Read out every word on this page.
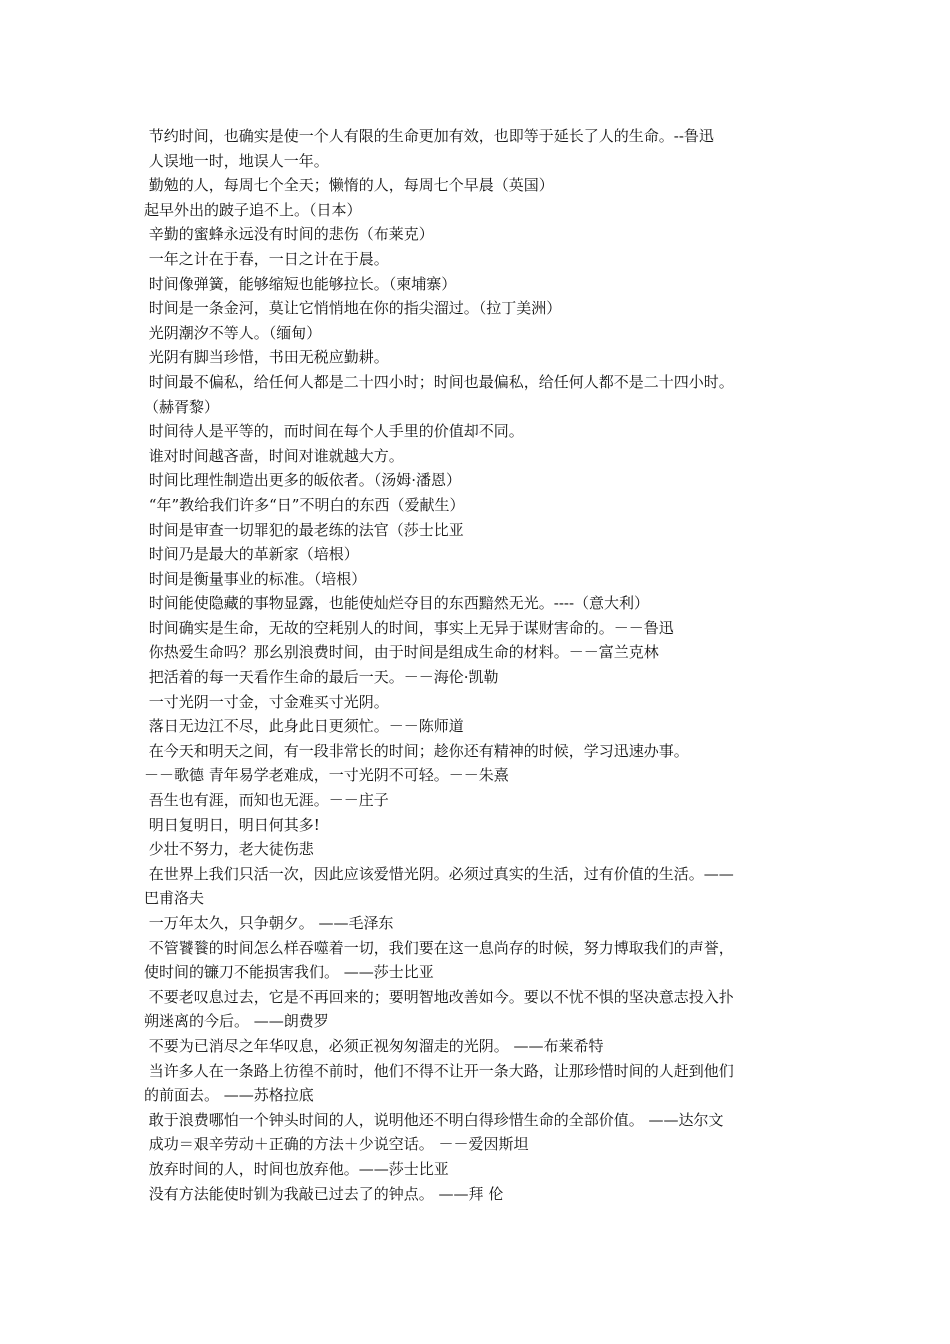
节约时间，也确实是使一个人有限的生命更加有效，也即等于延长了人的生命。--鲁迅

人误地一时，地误人一年。

勤勉的人，每周七个全天；懒惰的人，每周七个早晨（英国）

起早外出的跛子追不上。（日本）

辛勤的蜜蜂永远没有时间的悲伤（布莱克）

一年之计在于春，一日之计在于晨。

时间像弹簧，能够缩短也能够拉长。（柬埔寨）

时间是一条金河，莫让它悄悄地在你的指尖溜过。（拉丁美洲）

光阴潮汐不等人。（缅甸）

光阴有脚当珍惜，书田无税应勤耕。

时间最不偏私，给任何人都是二十四小时；时间也最偏私，给任何人都不是二十四小时。

（赫胥黎）

时间待人是平等的，而时间在每个人手里的价值却不同。

谁对时间越吝啬，时间对谁就越大方。

时间比理性制造出更多的皈依者。（汤姆·潘恩）

“年”教给我们许多“日”不明白的东西（爱献生）

时间是审查一切罪犯的最老练的法官（莎士比亚

时间乃是最大的革新家（培根）

时间是衡量事业的标准。（培根）

时间能使隐藏的事物显露，也能使灿烂夺目的东西黯然无光。----（意大利）

时间确实是生命，无故的空耗别人的时间，事实上无异于谋财害命的。－－鲁迅

你热爱生命吗？那幺别浪费时间，由于时间是组成生命的材料。－－富兰克林

把活着的每一天看作生命的最后一天。－－海伦·凯勒

一寸光阴一寸金，寸金难买寸光阴。

落日无边江不尽，此身此日更须忙。－－陈师道

在今天和明天之间，有一段非常长的时间；趁你还有精神的时候，学习迅速办事。

－－歌德 青年易学老难成，一寸光阴不可轻。－－朱熹

吾生也有涯，而知也无涯。－－庄子

明日复明日，明日何其多!

少壮不努力，老大徒伤悲

在世界上我们只活一次，因此应该爱惜光阴。必须过真实的生活，过有价值的生活。——

巴甫洛夫

一万年太久，只争朝夕。 ——毛泽东

不管饕餮的时间怎么样吞噬着一切，我们要在这一息尚存的时候，努力博取我们的声誉，

使时间的镰刀不能损害我们。 ——莎士比亚

不要老叹息过去，它是不再回来的；要明智地改善如今。要以不忧不惧的坚决意志投入扑

朔迷离的今后。 ——朗费罗

不要为已消尽之年华叹息，必须正视匆匆溜走的光阴。 ——布莱希特

当许多人在一条路上彷徨不前时，他们不得不让开一条大路，让那珍惜时间的人赶到他们

的前面去。 ——苏格拉底

敢于浪费哪怕一个钟头时间的人，说明他还不明白得珍惜生命的全部价值。 ——达尔文

成功＝艰辛劳动＋正确的方法＋少说空话。 －－爱因斯坦

放弃时间的人，时间也放弃他。——莎士比亚

没有方法能使时钏为我敲已过去了的钟点。 ——拜 伦
